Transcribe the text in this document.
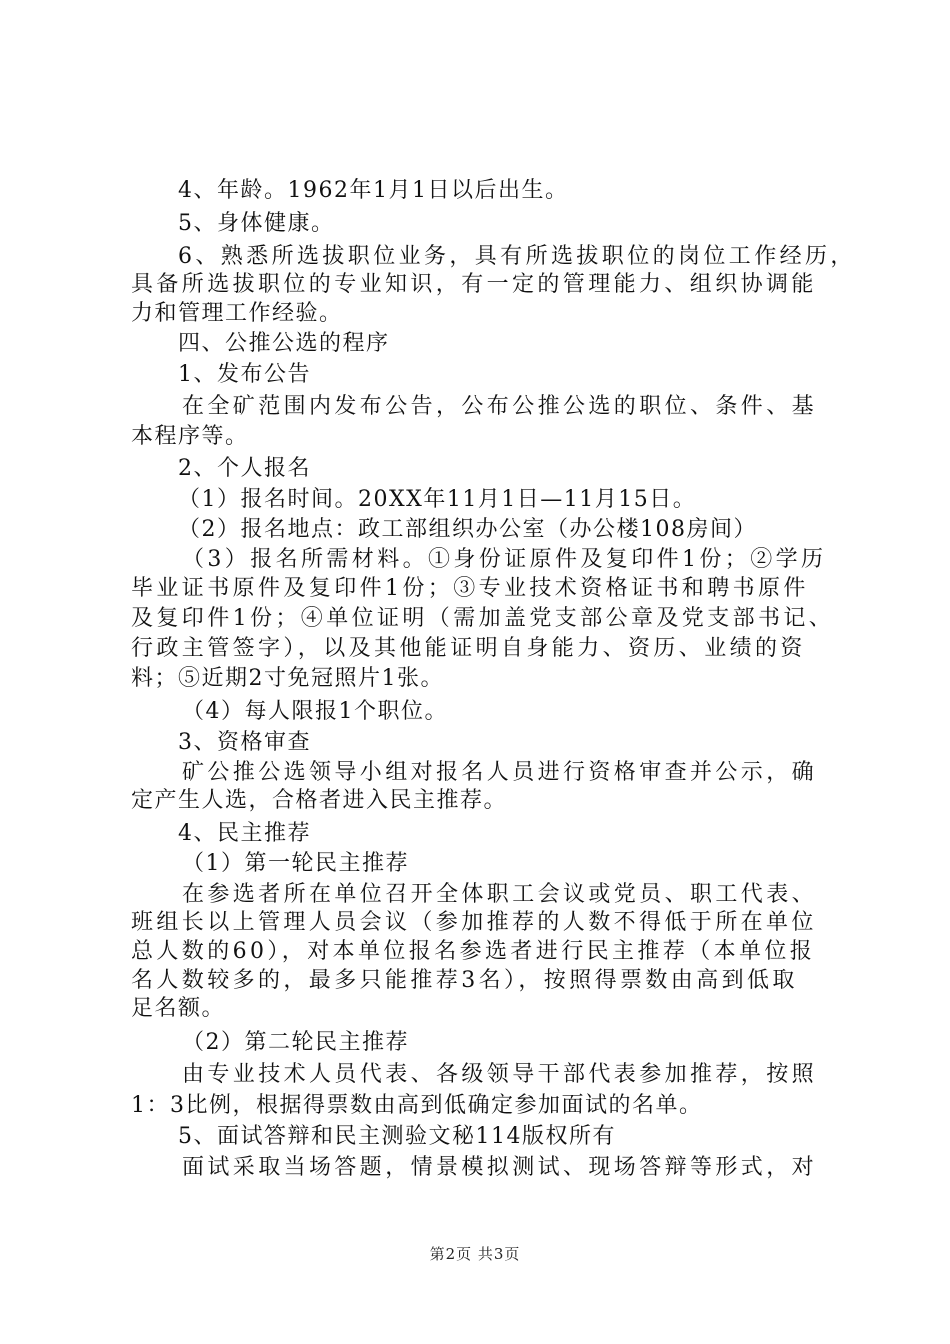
4、年龄。1962年1月1日以后出生。
5、身体健康。
6、熟悉所选拔职位业务，具有所选拔职位的岗位工作经历，
具备所选拔职位的专业知识，有一定的管理能力、组织协调能
力和管理工作经验。
四、公推公选的程序
1、发布公告
在全矿范围内发布公告，公布公推公选的职位、条件、基
本程序等。
2、个人报名
（1）报名时间。20XX年11月1日—11月15日。
（2）报名地点：政工部组织办公室（办公楼108房间）
（3）报名所需材料。①身份证原件及复印件1份；②学历
毕业证书原件及复印件1份；③专业技术资格证书和聘书原件
及复印件1份；④单位证明（需加盖党支部公章及党支部书记、
行政主管签字），以及其他能证明自身能力、资历、业绩的资
料；⑤近期2寸免冠照片1张。
（4）每人限报1个职位。
3、资格审查
矿公推公选领导小组对报名人员进行资格审查并公示，确
定产生人选，合格者进入民主推荐。
4、民主推荐
（1）第一轮民主推荐
在参选者所在单位召开全体职工会议或党员、职工代表、
班组长以上管理人员会议（参加推荐的人数不得低于所在单位
总人数的60），对本单位报名参选者进行民主推荐（本单位报
名人数较多的，最多只能推荐3名），按照得票数由高到低取
足名额。
（2）第二轮民主推荐
由专业技术人员代表、各级领导干部代表参加推荐，按照
1：3比例，根据得票数由高到低确定参加面试的名单。
5、面试答辩和民主测验文秘114版权所有
面试采取当场答题，情景模拟测试、现场答辩等形式，对
第2页 共3页
